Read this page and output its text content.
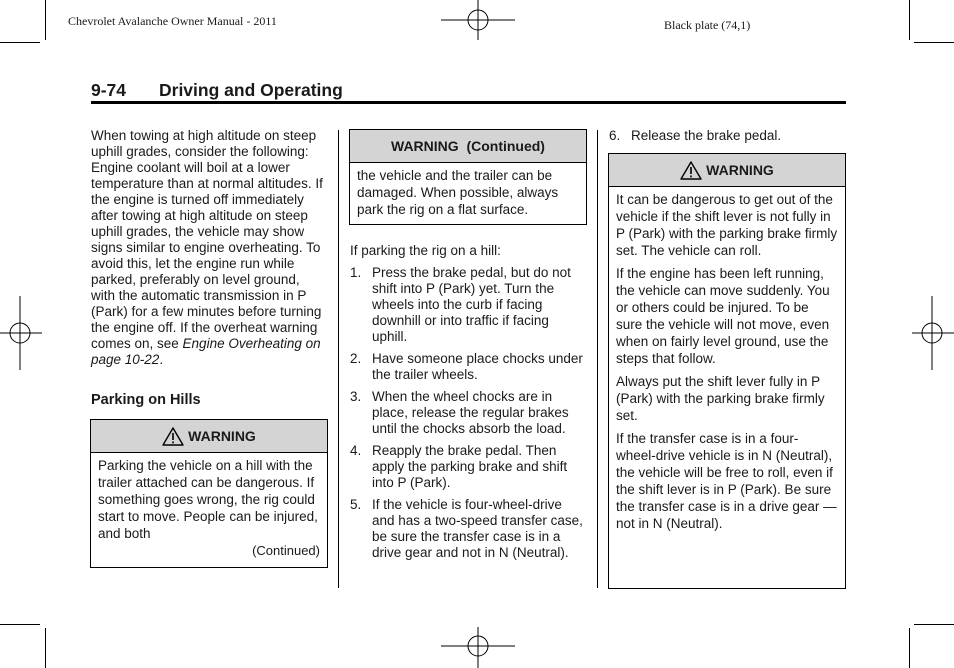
Chevrolet Avalanche Owner Manual - 2011	Black plate (74,1)
9-74 Driving and Operating

When towing at high altitude on steep uphill grades, consider the following: Engine coolant will boil at a lower temperature than at normal altitudes. If the engine is turned off immediately after towing at high altitude on steep uphill grades, the vehicle may show signs similar to engine overheating. To avoid this, let the engine run while parked, preferably on level ground, with the automatic transmission in P (Park) for a few minutes before turning the engine off. If the overheat warning comes on, see Engine Overheating on page 10‑22.

Parking on Hills
WARNING

Parking the vehicle on a hill with the trailer attached can be dangerous. If something goes wrong, the rig could start to move. People can be injured, and both

(Continued)
WARNING  (Continued)

the vehicle and the trailer can be damaged. When possible, always park the rig on a flat surface.

If parking the rig on a hill:
1. Press the brake pedal, but do not shift into P (Park) yet. Turn the wheels into the curb if facing downhill or into traffic if facing uphill.
2. Have someone place chocks under the trailer wheels.
3. When the wheel chocks are in place, release the regular brakes until the chocks absorb the load.
4. Reapply the brake pedal. Then apply the parking brake and shift into P (Park).
5. If the vehicle is four-wheel-drive and has a two-speed transfer case, be sure the transfer case is in a drive gear and not in N (Neutral).
6. Release the brake pedal.
WARNING

It can be dangerous to get out of the vehicle if the shift lever is not fully in P (Park) with the parking brake firmly set. The vehicle can roll.

If the engine has been left running, the vehicle can move suddenly. You or others could be injured. To be sure the vehicle will not move, even when on fairly level ground, use the steps that follow.

Always put the shift lever fully in P (Park) with the parking brake firmly set.

If the transfer case is in a four-wheel-drive vehicle is in N (Neutral), the vehicle will be free to roll, even if the shift lever is in P (Park). Be sure the transfer case is in a drive gear — not in N (Neutral).
